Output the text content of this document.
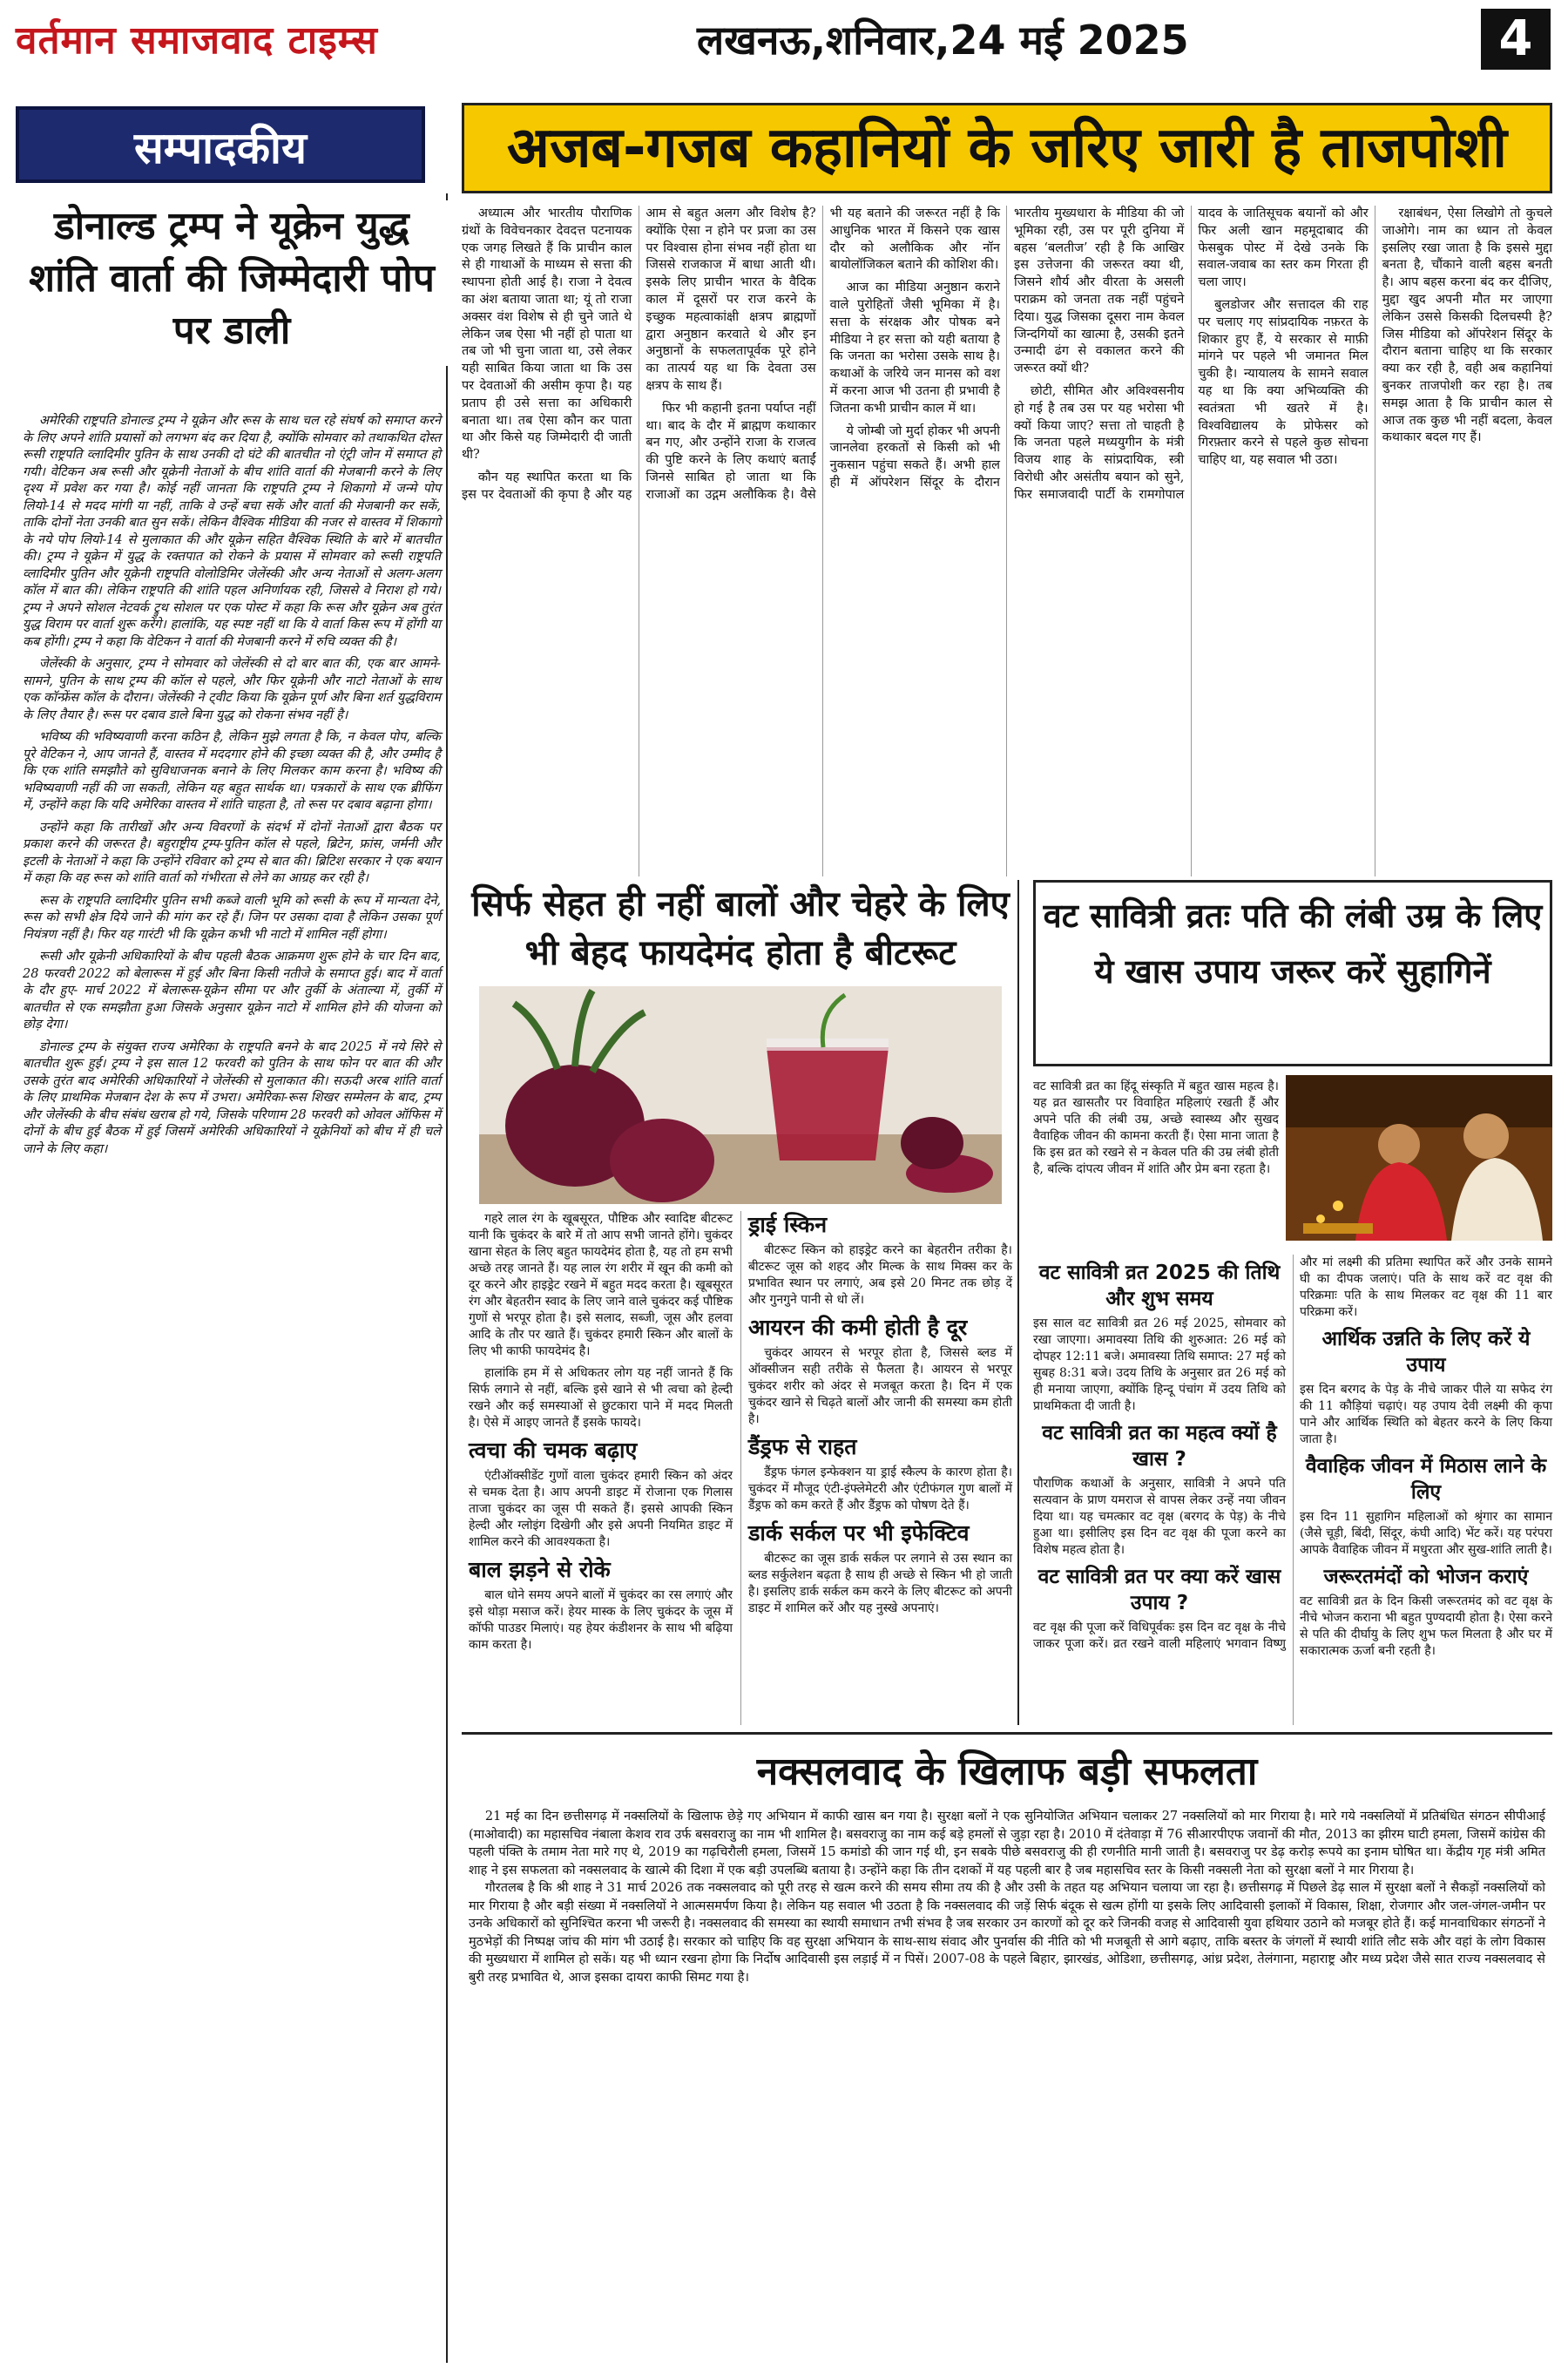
वर्तमान समाजवाद टाइम्स	लखनऊ,शनिवार,24 मई 2025	4
सम्पादकीय	अजब-गजब कहानियों के जरिए जारी है ताजपोशी
डोनाल्ड ट्रम्प ने यूक्रेन युद्ध शांति वार्ता की जिम्मेदारी पोप पर डाली

अमेरिकी राष्ट्रपति डोनाल्ड ट्रम्प ने यूक्रेन और रूस के साथ चल रहे संघर्ष को समाप्त करने के लिए अपने शांति प्रयासों को लगभग बंद कर दिया है, क्योंकि सोमवार को तथाकथित दोस्त रूसी राष्ट्रपति व्लादिमीर पुतिन के साथ उनकी दो घंटे की बातचीत नो एंट्री जोन में समाप्त हो गयी। वेटिकन अब रूसी और यूक्रेनी नेताओं के बीच शांति वार्ता की मेजबानी करने के लिए दृश्य में प्रवेश कर गया है। कोई नहीं जानता कि राष्ट्रपति ट्रम्प ने शिकागो में जन्मे पोप लियो-14 से मदद मांगी या नहीं, ताकि वे उन्हें बचा सकें और वार्ता की मेजबानी कर सकें, ताकि दोनों नेता उनकी बात सुन सकें। लेकिन वैश्विक मीडिया की नजर से वास्तव में शिकागो के नये पोप लियो-14 से मुलाकात की और यूक्रेन सहित वैश्विक स्थिति के बारे में बातचीत की। ट्रम्प ने यूक्रेन में युद्ध के रक्तपात को रोकने के प्रयास में सोमवार को रूसी राष्ट्रपति व्लादिमीर पुतिन और यूक्रेनी राष्ट्रपति वोलोडिमिर जेलेंस्की और अन्य नेताओं से अलग-अलग कॉल में बात की। लेकिन राष्ट्रपति की शांति पहल अनिर्णायक रही, जिससे वे निराश हो गये। ट्रम्प ने अपने सोशल नेटवर्क ट्रुथ सोशल पर एक पोस्ट में कहा कि रूस और यूक्रेन अब तुरंत युद्ध विराम पर वार्ता शुरू करेंगे। हालांकि, यह स्पष्ट नहीं था कि ये वार्ता किस रूप में होंगी या कब होंगी। ट्रम्प ने कहा कि वेटिकन ने वार्ता की मेजबानी करने में रुचि व्यक्त की है।

जेलेंस्की के अनुसार, ट्रम्प ने सोमवार को जेलेंस्की से दो बार बात की, एक बार आमने-सामने, पुतिन के साथ ट्रम्प की कॉल से पहले, और फिर यूक्रेनी और नाटो नेताओं के साथ एक कॉन्फ्रेंस कॉल के दौरान। जेलेंस्की ने ट्वीट किया कि यूक्रेन पूर्ण और बिना शर्त युद्धविराम के लिए तैयार है। रूस पर दबाव डाले बिना युद्ध को रोकना संभव नहीं है।

भविष्य की भविष्यवाणी करना कठिन है, लेकिन मुझे लगता है कि, न केवल पोप, बल्कि पूरे वेटिकन ने, आप जानते हैं, वास्तव में मददगार होने की इच्छा व्यक्त की है, और उम्मीद है कि एक शांति समझौते को सुविधाजनक बनाने के लिए मिलकर काम करना है। भविष्य की भविष्यवाणी नहीं की जा सकती, लेकिन यह बहुत सार्थक था। पत्रकारों के साथ एक ब्रीफिंग में, उन्होंने कहा कि यदि अमेरिका वास्तव में शांति चाहता है, तो रूस पर दबाव बढ़ाना होगा।

उन्होंने कहा कि तारीखों और अन्य विवरणों के संदर्भ में दोनों नेताओं द्वारा बैठक पर प्रकाश करने की जरूरत है। बहुराष्ट्रीय ट्रम्प-पुतिन कॉल से पहले, ब्रिटेन, फ्रांस, जर्मनी और इटली के नेताओं ने कहा कि उन्होंने रविवार को ट्रम्प से बात की। ब्रिटिश सरकार ने एक बयान में कहा कि वह रूस को शांति वार्ता को गंभीरता से लेने का आग्रह कर रही है।

रूस के राष्ट्रपति व्लादिमीर पुतिन सभी कब्जे वाली भूमि को रूसी के रूप में मान्यता देने, रूस को सभी क्षेत्र दिये जाने की मांग कर रहे हैं। जिन पर उसका दावा है लेकिन उसका पूर्ण नियंत्रण नहीं है। फिर यह गारंटी भी कि यूक्रेन कभी भी नाटो में शामिल नहीं होगा।

रूसी और यूक्रेनी अधिकारियों के बीच पहली बैठक आक्रमण शुरू होने के चार दिन बाद, 28 फरवरी 2022 को बेलारूस में हुई और बिना किसी नतीजे के समाप्त हुई। बाद में वार्ता के दौर हुए- मार्च 2022 में बेलारूस-यूक्रेन सीमा पर और तुर्की के अंताल्या में, तुर्की में बातचीत से एक समझौता हुआ जिसके अनुसार यूक्रेन नाटो में शामिल होने की योजना को छोड़ देगा।

डोनाल्ड ट्रम्प के संयुक्त राज्य अमेरिका के राष्ट्रपति बनने के बाद 2025 में नये सिरे से बातचीत शुरू हुई। ट्रम्प ने इस साल 12 फरवरी को पुतिन के साथ फोन पर बात की और उसके तुरंत बाद अमेरिकी अधिकारियों ने जेलेंस्की से मुलाकात की। सऊदी अरब शांति वार्ता के लिए प्राथमिक मेजबान देश के रूप में उभरा। अमेरिका-रूस शिखर सम्मेलन के बाद, ट्रम्प और जेलेंस्की के बीच संबंध खराब हो गये, जिसके परिणाम 28 फरवरी को ओवल ऑफिस में दोनों के बीच हुई बैठक में हुई जिसमें अमेरिकी अधिकारियों ने यूक्रेनियों को बीच में ही चले जाने के लिए कहा।

अध्यात्म और भारतीय पौराणिक ग्रंथों के विवेचनकार देवदत्त पटनायक एक जगह लिखते हैं कि प्राचीन काल से ही गाथाओं के माध्यम से सत्ता की स्थापना होती आई है। राजा ने देवत्व का अंश बताया जाता था; यूं तो राजा अक्सर वंश विशेष से ही चुने जाते थे लेकिन जब ऐसा भी नहीं हो पाता था तब जो भी चुना जाता था, उसे लेकर यही साबित किया जाता था कि उस पर देवताओं की असीम कृपा है। यह प्रताप ही उसे सत्ता का अधिकारी बनाता था। तब ऐसा कौन कर पाता था और किसे यह जिम्मेदारी दी जाती थी?

कौन यह स्थापित करता था कि इस पर देवताओं की कृपा है और यह आम से बहुत अलग और विशेष है? क्योंकि ऐसा न होने पर प्रजा का उस पर विश्वास होना संभव नहीं होता था जिससे राजकाज में बाधा आती थी। इसके लिए प्राचीन भारत के वैदिक काल में दूसरों पर राज करने के इच्छुक महत्वाकांक्षी क्षत्रप ब्राह्मणों द्वारा अनुष्ठान करवाते थे और इन अनुष्ठानों के सफलतापूर्वक पूरे होने का तात्पर्य यह था कि देवता उस क्षत्रप के साथ हैं।

फिर भी कहानी इतना पर्याप्त नहीं था। बाद के दौर में ब्राह्मण कथाकार बन गए, और उन्होंने राजा के राजत्व की पुष्टि करने के लिए कथाएं बताईं जिनसे साबित हो जाता था कि राजाओं का उद्गम अलौकिक है। वैसे भी यह बताने की जरूरत नहीं है कि आधुनिक भारत में किसने एक खास दौर को अलौकिक और नॉन बायोलॉजिकल बताने की कोशिश की।

आज का मीडिया अनुष्ठान कराने वाले पुरोहितों जैसी भूमिका में है। सत्ता के संरक्षक और पोषक बने मीडिया ने हर सत्ता को यही बताया है कि जनता का भरोसा उसके साथ है। कथाओं के जरिये जन मानस को वश में करना आज भी उतना ही प्रभावी है जितना कभी प्राचीन काल में था।

ये जोम्बी जो मुर्दा होकर भी अपनी जानलेवा हरकतों से किसी को भी नुकसान पहुंचा सकते हैं। अभी हाल ही में ऑपरेशन सिंदूर के दौरान भारतीय मुख्यधारा के मीडिया की जो भूमिका रही, उस पर पूरी दुनिया में बहस ‘बलतीज’ रही है कि आखिर इस उत्तेजना की जरूरत क्या थी, जिसने शौर्य और वीरता के असली पराक्रम को जनता तक नहीं पहुंचने दिया। युद्ध जिसका दूसरा नाम केवल जिन्दगियों का खात्मा है, उसकी इतने उन्मादी ढंग से वकालत करने की जरूरत क्यों थी?

छोटी, सीमित और अविश्वसनीय हो गई है तब उस पर यह भरोसा भी क्यों किया जाए? सत्ता तो चाहती है कि जनता पहले मध्ययुगीन के मंत्री विजय शाह के सांप्रदायिक, स्त्री विरोधी और असंतीय बयान को सुने, फिर समाजवादी पार्टी के रामगोपाल यादव के जातिसूचक बयानों को और फिर अली खान महमूदाबाद की फेसबुक पोस्ट में देखे उनके कि सवाल-जवाब का स्तर कम गिरता ही चला जाए।

बुलडोजर और सत्तादल की राह पर चलाए गए सांप्रदायिक नफ़रत के शिकार हुए हैं, ये सरकार से माफ़ी मांगने पर पहले भी जमानत मिल चुकी है। न्यायालय के सामने सवाल यह था कि क्या अभिव्यक्ति की स्वतंत्रता भी खतरे में है। विश्वविद्यालय के प्रोफेसर को गिरफ़्तार करने से पहले कुछ सोचना चाहिए था, यह सवाल भी उठा।

रक्षाबंधन, ऐसा लिखोगे तो कुचले जाओगे। नाम का ध्यान तो केवल इसलिए रखा जाता है कि इससे मुद्दा बनता है, चौंकाने वाली बहस बनती है। आप बहस करना बंद कर दीजिए, मुद्दा खुद अपनी मौत मर जाएगा लेकिन उससे किसकी दिलचस्पी है? जिस मीडिया को ऑपरेशन सिंदूर के दौरान बताना चाहिए था कि सरकार क्या कर रही है, वही अब कहानियां बुनकर ताजपोशी कर रहा है। तब समझ आता है कि प्राचीन काल से आज तक कुछ भी नहीं बदला, केवल कथाकार बदल गए हैं।

सिर्फ सेहत ही नहीं बालों और चेहरे के लिए भी बेहद फायदेमंद होता है बीटरूट

गहरे लाल रंग के खूबसूरत, पौष्टिक और स्वादिष्ट बीटरूट यानी कि चुकंदर के बारे में तो आप सभी जानते होंगे। चुकंदर खाना सेहत के लिए बहुत फायदेमंद होता है, यह तो हम सभी अच्छे तरह जानते हैं। यह लाल रंग शरीर में खून की कमी को दूर करने और हाइड्रेट रखने में बहुत मदद करता है। खूबसूरत रंग और बेहतरीन स्वाद के लिए जाने वाले चुकंदर कई पौष्टिक गुणों से भरपूर होता है। इसे सलाद, सब्जी, जूस और हलवा आदि के तौर पर खाते हैं। चुकंदर हमारी स्किन और बालों के लिए भी काफी फायदेमंद है।

हालांकि हम में से अधिकतर लोग यह नहीं जानते हैं कि सिर्फ लगाने से नहीं, बल्कि इसे खाने से भी त्वचा को हेल्दी रखने और कई समस्याओं से छुटकारा पाने में मदद मिलती है। ऐसे में आइए जानते हैं इसके फायदे।

त्वचा की चमक बढ़ाए

एंटीऑक्सीडेंट गुणों वाला चुकंदर हमारी स्किन को अंदर से चमक देता है। आप अपनी डाइट में रोजाना एक गिलास ताजा चुकंदर का जूस पी सकते हैं। इससे आपकी स्किन हेल्दी और ग्लोइंग दिखेगी और इसे अपनी नियमित डाइट में शामिल करने की आवश्यकता है।

बाल झड़ने से रोके

बाल धोने समय अपने बालों में चुकंदर का रस लगाएं और इसे थोड़ा मसाज करें। हेयर मास्क के लिए चुकंदर के जूस में कॉफी पाउडर मिलाएं। यह हेयर कंडीशनर के साथ भी बढ़िया काम करता है।

ड्राई स्किन

बीटरूट स्किन को हाइड्रेट करने का बेहतरीन तरीका है। बीटरूट जूस को शहद और मिल्क के साथ मिक्स कर के प्रभावित स्थान पर लगाएं, अब इसे 20 मिनट तक छोड़ दें और गुनगुने पानी से धो लें।

आयरन की कमी होती है दूर

चुकंदर आयरन से भरपूर होता है, जिससे ब्लड में ऑक्सीजन सही तरीके से फैलता है। आयरन से भरपूर चुकंदर शरीर को अंदर से मजबूत करता है। दिन में एक चुकंदर खाने से चिढ़ते बालों और जानी की समस्या कम होती है।

डैंड्रफ से राहत

डैंड्रफ फंगल इन्फेक्शन या ड्राई स्कैल्प के कारण होता है। चुकंदर में मौजूद एंटी-इंफ्लेमेटरी और एंटीफंगल गुण बालों में डैंड्रफ को कम करते हैं और डैंड्रफ को पोषण देते हैं।

डार्क सर्कल पर भी इफेक्टिव

बीटरूट का जूस डार्क सर्कल पर लगाने से उस स्थान का ब्लड सर्कुलेशन बढ़ता है साथ ही अच्छे से स्किन भी हो जाती है। इसलिए डार्क सर्कल कम करने के लिए बीटरूट को अपनी डाइट में शामिल करें और यह नुस्खे अपनाएं।

वट सावित्री व्रतः पति की लंबी उम्र के लिए ये खास उपाय जरूर करें सुहागिनें
वट सावित्री व्रत का हिंदू संस्कृति में बहुत खास महत्व है। यह व्रत खासतौर पर विवाहित महिलाएं रखती हैं और अपने पति की लंबी उम्र, अच्छे स्वास्थ्य और सुखद वैवाहिक जीवन की कामना करती हैं। ऐसा माना जाता है कि इस व्रत को रखने से न केवल पति की उम्र लंबी होती है, बल्कि दांपत्य जीवन में शांति और प्रेम बना रहता है।
वट सावित्री व्रत 2025 की तिथि और शुभ समय

इस साल वट सावित्री व्रत 26 मई 2025, सोमवार को रखा जाएगा। अमावस्या तिथि की शुरुआत: 26 मई को दोपहर 12:11 बजे। अमावस्या तिथि समाप्त: 27 मई को सुबह 8:31 बजे। उदय तिथि के अनुसार व्रत 26 मई को ही मनाया जाएगा, क्योंकि हिन्दू पंचांग में उदय तिथि को प्राथमिकता दी जाती है।

वट सावित्री व्रत का महत्व क्यों है खास ?

पौराणिक कथाओं के अनुसार, सावित्री ने अपने पति सत्यवान के प्राण यमराज से वापस लेकर उन्हें नया जीवन दिया था। यह चमत्कार वट वृक्ष (बरगद के पेड़) के नीचे हुआ था। इसीलिए इस दिन वट वृक्ष की पूजा करने का विशेष महत्व होता है।

वट सावित्री व्रत पर क्या करें खास उपाय ?

वट वृक्ष की पूजा करें विधिपूर्वकः इस दिन वट वृक्ष के नीचे जाकर पूजा करें। व्रत रखने वाली महिलाएं भगवान विष्णु और मां लक्ष्मी की प्रतिमा स्थापित करें और उनके सामने घी का दीपक जलाएं। पति के साथ करें वट वृक्ष की परिक्रमाः पति के साथ मिलकर वट वृक्ष की 11 बार परिक्रमा करें।

आर्थिक उन्नति के लिए करें ये उपाय

इस दिन बरगद के पेड़ के नीचे जाकर पीले या सफेद रंग की 11 कौड़ियां चढ़ाएं। यह उपाय देवी लक्ष्मी की कृपा पाने और आर्थिक स्थिति को बेहतर करने के लिए किया जाता है।

वैवाहिक जीवन में मिठास लाने के लिए

इस दिन 11 सुहागिन महिलाओं को श्रृंगार का सामान (जैसे चूड़ी, बिंदी, सिंदूर, कंघी आदि) भेंट करें। यह परंपरा आपके वैवाहिक जीवन में मधुरता और सुख-शांति लाती है।

जरूरतमंदों को भोजन कराएं

वट सावित्री व्रत के दिन किसी जरूरतमंद को वट वृक्ष के नीचे भोजन कराना भी बहुत पुण्यदायी होता है। ऐसा करने से पति की दीर्घायु के लिए शुभ फल मिलता है और घर में सकारात्मक ऊर्जा बनी रहती है।

नक्सलवाद के खिलाफ बड़ी सफलता

21 मई का दिन छत्तीसगढ़ में नक्सलियों के खिलाफ छेड़े गए अभियान में काफी खास बन गया है। सुरक्षा बलों ने एक सुनियोजित अभियान चलाकर 27 नक्सलियों को मार गिराया है। मारे गये नक्सलियों में प्रतिबंधित संगठन सीपीआई (माओवादी) का महासचिव नंबाला केशव राव उर्फ बसवराजु का नाम भी शामिल है। बसवराजु का नाम कई बड़े हमलों से जुड़ा रहा है। 2010 में दंतेवाड़ा में 76 सीआरपीएफ जवानों की मौत, 2013 का झीरम घाटी हमला, जिसमें कांग्रेस की पहली पंक्ति के तमाम नेता मारे गए थे, 2019 का गढ़चिरौली हमला, जिसमें 15 कमांडो की जान गई थी, इन सबके पीछे बसवराजु की ही रणनीति मानी जाती है। बसवराजु पर डेढ़ करोड़ रूपये का इनाम घोषित था। केंद्रीय गृह मंत्री अमित शाह ने इस सफलता को नक्सलवाद के खात्मे की दिशा में एक बड़ी उपलब्धि बताया है। उन्होंने कहा कि तीन दशकों में यह पहली बार है जब महासचिव स्तर के किसी नक्सली नेता को सुरक्षा बलों ने मार गिराया है।

गौरतलब है कि श्री शाह ने 31 मार्च 2026 तक नक्सलवाद को पूरी तरह से खत्म करने की समय सीमा तय की है और उसी के तहत यह अभियान चलाया जा रहा है। छत्तीसगढ़ में पिछले डेढ़ साल में सुरक्षा बलों ने सैकड़ों नक्सलियों को मार गिराया है और बड़ी संख्या में नक्सलियों ने आत्मसमर्पण किया है। लेकिन यह सवाल भी उठता है कि नक्सलवाद की जड़ें सिर्फ बंदूक से खत्म होंगी या इसके लिए आदिवासी इलाकों में विकास, शिक्षा, रोजगार और जल-जंगल-जमीन पर उनके अधिकारों को सुनिश्चित करना भी जरूरी है। नक्सलवाद की समस्या का स्थायी समाधान तभी संभव है जब सरकार उन कारणों को दूर करे जिनकी वजह से आदिवासी युवा हथियार उठाने को मजबूर होते हैं। कई मानवाधिकार संगठनों ने मुठभेड़ों की निष्पक्ष जांच की मांग भी उठाई है। सरकार को चाहिए कि वह सुरक्षा अभियान के साथ-साथ संवाद और पुनर्वास की नीति को भी मजबूती से आगे बढ़ाए, ताकि बस्तर के जंगलों में स्थायी शांति लौट सके और वहां के लोग विकास की मुख्यधारा में शामिल हो सकें। यह भी ध्यान रखना होगा कि निर्दोष आदिवासी इस लड़ाई में न पिसें। 2007-08 के पहले बिहार, झारखंड, ओडिशा, छत्तीसगढ़, आंध्र प्रदेश, तेलंगाना, महाराष्ट्र और मध्य प्रदेश जैसे सात राज्य नक्सलवाद से बुरी तरह प्रभावित थे, आज इसका दायरा काफी सिमट गया है।
